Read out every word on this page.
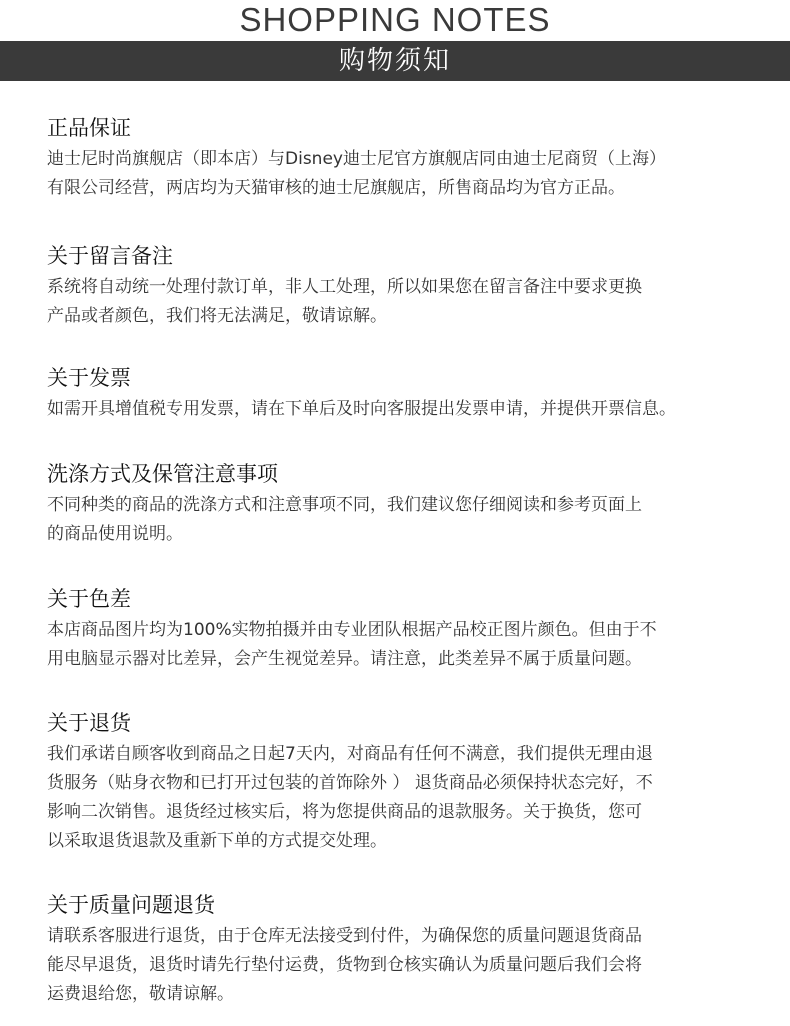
SHOPPING NOTES
购物须知
正品保证
迪士尼时尚旗舰店（即本店）与Disney迪士尼官方旗舰店同由迪士尼商贸（上海）
有限公司经营，两店均为天猫审核的迪士尼旗舰店，所售商品均为官方正品。
关于留言备注
系统将自动统一处理付款订单，非人工处理，所以如果您在留言备注中要求更换
产品或者颜色，我们将无法满足，敬请谅解。
关于发票
如需开具增值税专用发票，请在下单后及时向客服提出发票申请，并提供开票信息。
洗涤方式及保管注意事项
不同种类的商品的洗涤方式和注意事项不同，我们建议您仔细阅读和参考页面上
的商品使用说明。
关于色差
本店商品图片均为100%实物拍摄并由专业团队根据产品校正图片颜色。但由于不
用电脑显示器对比差异，会产生视觉差异。请注意，此类差异不属于质量问题。
关于退货
我们承诺自顾客收到商品之日起7天内，对商品有任何不满意，我们提供无理由退
货服务（贴身衣物和已打开过包装的首饰除外 ） 退货商品必须保持状态完好，不
影响二次销售。退货经过核实后，将为您提供商品的退款服务。关于换货，您可
以采取退货退款及重新下单的方式提交处理。
关于质量问题退货
请联系客服进行退货，由于仓库无法接受到付件，为确保您的质量问题退货商品
能尽早退货，退货时请先行垫付运费，货物到仓核实确认为质量问题后我们会将
运费退给您，敬请谅解。
